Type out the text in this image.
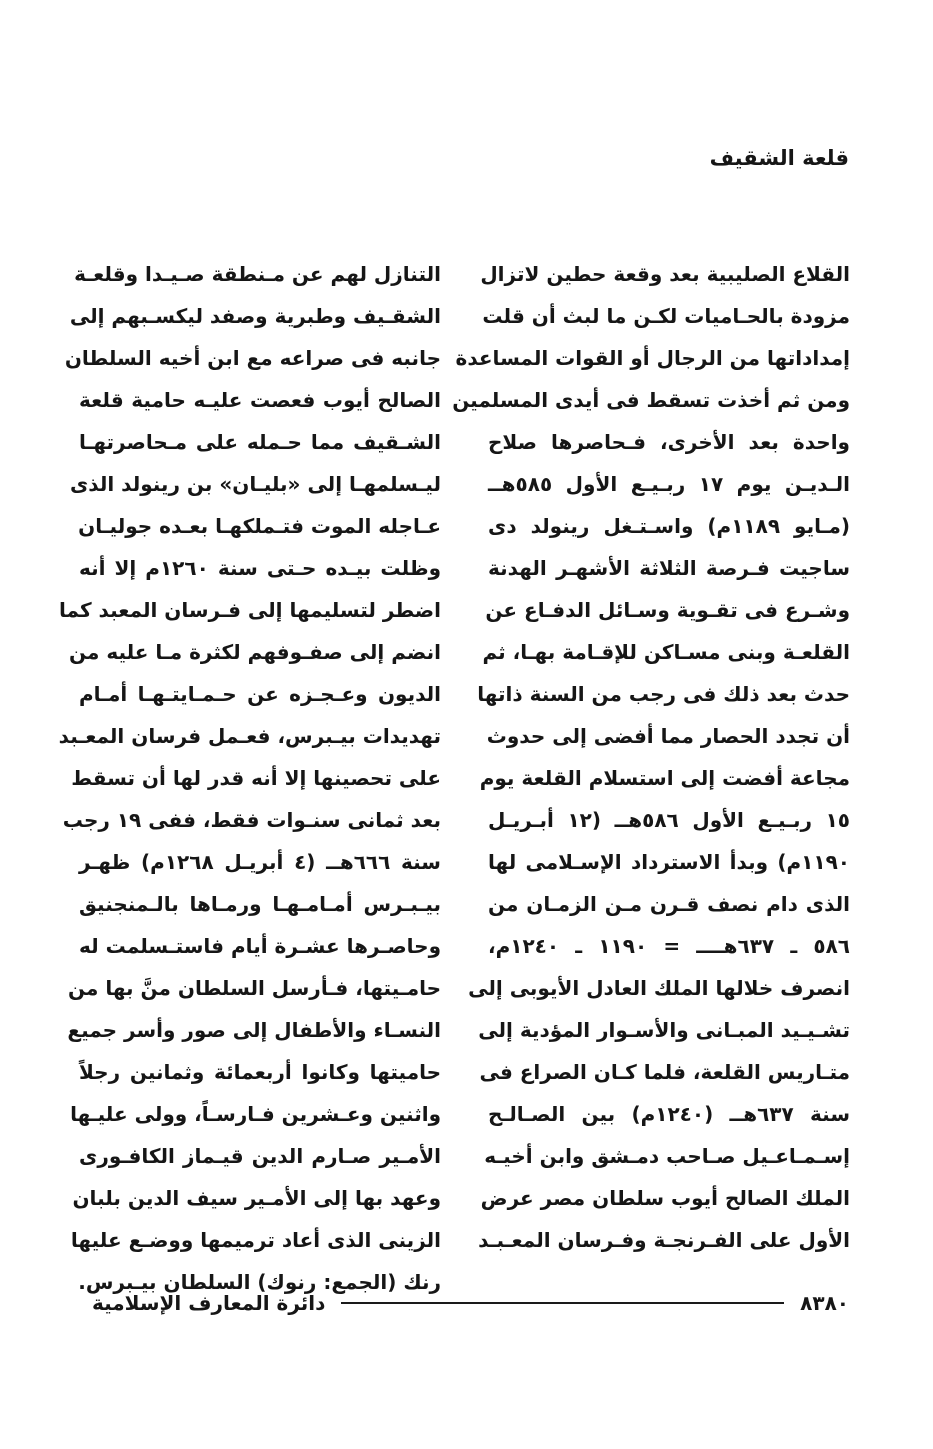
قلعة الشقيف
القلاع الصليبية بعد وقعة حطين لاتزال
مزودة بالحـاميات لكـن ما لبث أن قلت
إمداداتها من الرجال أو القوات المساعدة
ومن ثم أخذت تسقط فى أيدى المسلمين
واحدة بعد الأخرى، فـحاصرها صلاح
الـديـن يوم ١٧ ربـيـع الأول ٥٨٥هــ
(مـايو ١١٨٩م) واسـتـغل رينولد دى
ساجيت فـرصة الثلاثة الأشهـر الهدنة
وشـرع فى تقـوية وسـائل الدفـاع عن
القلعـة وبنى مسـاكن للإقـامة بهـا، ثم
حدث بعد ذلك فى رجب من السنة ذاتها
أن تجدد الحصار مما أفضى إلى حدوث
مجاعة أفضت إلى استسلام القلعة يوم
١٥ ربـيـع الأول ٥٨٦هــ (١٢ أبـريـل
١١٩٠م) وبدأ الاسترداد الإسـلامى لها
الذى دام نصف قـرن مـن الزمـان من
٥٨٦ ـ ٦٣٧هــــ = ١١٩٠ ـ ١٢٤٠م،
انصرف خلالها الملك العادل الأيوبى إلى
تشـيـيد المبـانى والأسـوار المؤدية إلى
متـاريس القلعة، فلما كـان الصراع فى
سنة ٦٣٧هــ (١٢٤٠م) بين الصـالـح
إسـمـاعـيل صـاحب دمـشق وابن أخيـه
الملك الصالح أيوب سلطان مصر عرض
الأول على الفـرنجـة وفـرسان المعـبـد
التنازل لهم عن مـنطقة صـيـدا وقلعـة
الشقـيف وطبرية وصفد ليكسـبهم إلى
جانبه فى صراعه مع ابن أخيه السلطان
الصالح أيوب فعصت عليـه حامية قلعة
الشـقيف مما حـمله على مـحاصرتهـا
ليـسلمهـا إلى «بليـان» بن رينولد الذى
عـاجله الموت فتـملكهـا بعـده جوليـان
وظلت بيـده حـتى سنة ١٢٦٠م إلا أنه
اضطر لتسليمها إلى فـرسان المعبد كما
انضم إلى صفـوفهم لكثرة مـا عليه من
الديون وعـجـزه عن حـمـايتـهـا أمـام
تهديدات بيـبرس، فعـمل فرسان المعـبد
على تحصينها إلا أنه قدر لها أن تسقط
بعد ثمانى سنـوات فقط، ففى ١٩ رجب
سنة ٦٦٦هــ (٤ أبريـل ١٢٦٨م) ظهـر
بيـبـرس أمـامـهـا ورمـاها بالـمنجنيق
وحاصـرها عشـرة أيام فاستـسلمت له
حامـيتها، فـأرسل السلطان منَّ بها من
النسـاء والأطفال إلى صور وأسر جميع
حاميتها وكانوا أربعمائة وثمانين رجلاً
واثنين وعـشرين فـارسـاً، وولى عليـها
الأمـير صـارم الدين قيـماز الكافـورى
وعهد بها إلى الأمـير سيف الدين بلبان
الزينى الذى أعاد ترميمها ووضـع عليها
رنك (الجمع: رنوك) السلطان بيـبرس.
٨٣٨٠
دائرة المعارف الإسلامية
